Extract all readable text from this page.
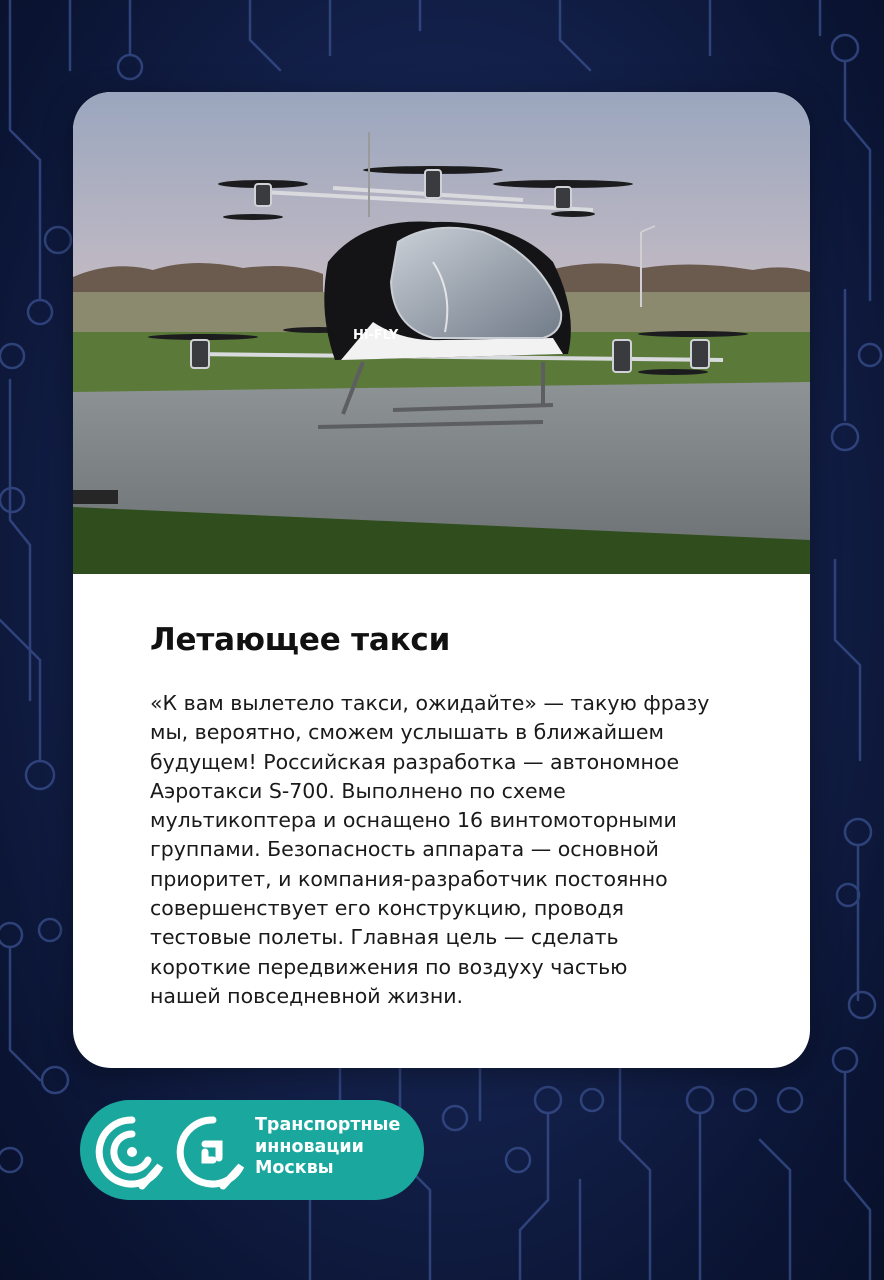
Hi-FLY
Летающее такси

«К вам вылетело такси, ожидайте» — такую фразу
мы, вероятно, сможем услышать в ближайшем
будущем! Российская разработка — автономное
Аэротакси S-700. Выполнено по схеме
мультикоптера и оснащено 16 винтомоторными
группами. Безопасность аппарата — основной
приоритет, и компания-разработчик постоянно
совершенствует его конструкцию, проводя
тестовые полеты. Главная цель — сделать
короткие передвижения по воздуху частью
нашей повседневной жизни.

Транспортные
инновации
Москвы
